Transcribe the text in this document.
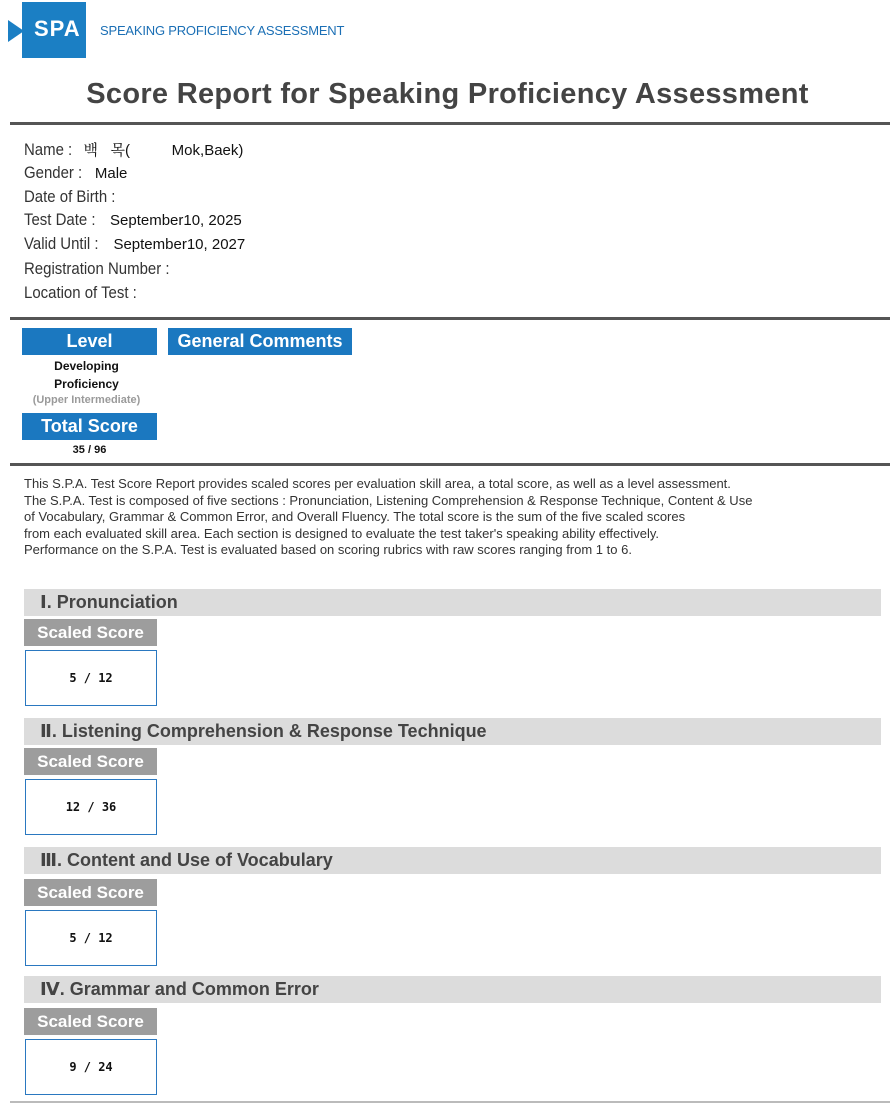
SPA SPEAKING PROFICIENCY ASSESSMENT
Score Report for Speaking Proficiency Assessment
Name : 백   목(          Mok,Baek)
Gender : Male
Date of Birth :
Test Date : September10, 2025
Valid Until : September10, 2027
Registration Number :
Location of Test :
Level	General Comments
Developing
Proficiency
(Upper Intermediate)
Total Score
35 / 96
This S.P.A. Test Score Report provides scaled scores per evaluation skill area, a total score, as well as a level assessment.
The S.P.A. Test is composed of five sections : Pronunciation, Listening Comprehension & Response Technique, Content & Use
of Vocabulary, Grammar & Common Error, and Overall Fluency. The total score is the sum of the five scaled scores
from each evaluated skill area. Each section is designed to evaluate the test taker's speaking ability effectively.
Performance on the S.P.A. Test is evaluated based on scoring rubrics with raw scores ranging from 1 to 6.
Ⅰ. Pronunciation
Scaled Score
5 / 12
Ⅱ. Listening Comprehension & Response Technique
Scaled Score
12 / 36
Ⅲ. Content and Use of Vocabulary
Scaled Score
5 / 12
Ⅳ. Grammar and Common Error
Scaled Score
9 / 24
